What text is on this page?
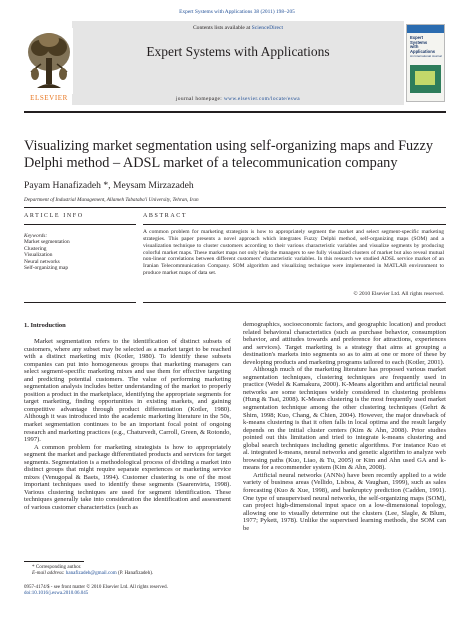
Expert Systems with Applications 38 (2011) 198–205
Contents lists available at ScienceDirect
Expert Systems with Applications
journal homepage: www.elsevier.com/locate/eswa
ELSEVIER
Expert
Systems
with
Applications
An International Journal
Visualizing market segmentation using self-organizing maps and Fuzzy Delphi method – ADSL market of a telecommunication company
Payam Hanafizadeh *, Meysam Mirzazadeh
Department of Industrial Management, Allameh Tabataba'i University, Tehran, Iran
ARTICLE INFO	ABSTRACT
Keywords:
Market segmentation
Clustering
Visualization
Neural networks
Self-organizing map
A common problem for marketing strategists is how to appropriately segment the market and select segment-specific marketing strategies. This paper presents a novel approach which integrates Fuzzy Delphi method, self-organizing maps (SOM) and a visualization technique to cluster customers according to their various characteristic variables and visualize segments by producing colorful market maps. These market maps not only help the managers to see fully visualized clusters of market but also reveal mutual non-linear correlations between different customers' characteristic variables. In this research we studied ADSL service market of an Iranian Telecommunication Company. SOM algorithm and visualizing technique were implemented in MATLAB environment to produce market maps of data set.
© 2010 Elsevier Ltd. All rights reserved.
1. Introduction

Market segmentation refers to the identification of distinct subsets of customers, where any subset may be selected as a market target to be reached with a distinct marketing mix (Kotler, 1980). To identify these subsets companies can put into homogeneous groups that marketing managers can select segment-specific marketing mixes and use them for effective targeting and predicting potential customers. The value of performing marketing segmentation analysis includes better understanding of the market to properly position a product in the marketplace, identifying the appropriate segments for target marketing, finding opportunities in existing markets, and gaining competitive advantage through product differentiation (Kotler, 1980). Although it was introduced into the academic marketing literature in the 50s, market segmentation continues to be an important focal point of ongoing research and marketing practices (e.g., Chaturvedi, Carroll, Green, & Rotondo, 1997).

A common problem for marketing strategists is how to appropriately segment the market and package differentiated products and services for target segments. Segmentation is a methodological process of dividing a market into distinct groups that might require separate experiences or marketing service mixes (Venugopal & Baets, 1994). Customer clustering is one of the most important techniques used to identify these segments (Saarenvirta, 1998). Various clustering techniques are used for segment identification. These techniques generally take into consideration the identification and assessment of various customer characteristics (such as

demographics, socioeconomic factors, and geographic location) and product related behavioral characteristics (such as purchase behavior, consumption behavior, and attitudes towards and preference for attractions, experiences and services). Target marketing is a strategy that aims at grouping a destination's markets into segments so as to aim at one or more of these by developing products and marketing programs tailored to each (Kotler, 2001).

Although much of the marketing literature has proposed various market segmentation techniques, clustering techniques are frequently used in practice (Wedel & Kamakura, 2000). K-Means algorithm and artificial neural networks are some techniques widely considered in clustering problems (Hung & Tsai, 2008). K-Means clustering is the most frequently used market segmentation technique among the other clustering techniques (Gehrt & Shim, 1998; Kuo, Chang, & Chien, 2004). However, the major drawback of k-means clustering is that it often falls in local optima and the result largely depends on the initial cluster centers (Kim & Ahn, 2008). Prior studies pointed out this limitation and tried to integrate k-means clustering and global search techniques including genetic algorithms. For instance Kuo et al. integrated k-means, neural networks and genetic algorithm to analyze web browsing paths (Kuo, Liao, & Tu, 2005) or Kim and Ahn used GA and k-means for a recommender system (Kim & Ahn, 2008).

Artificial neural networks (ANNs) have been recently applied to a wide variety of business areas (Vellido, Lisboa, & Vaughan, 1999), such as sales forecasting (Kuo & Xue, 1998), and bankruptcy prediction (Cadden, 1991). One type of unsupervised neural networks, the self-organizing maps (SOM), can project high-dimensional input space on a low-dimensional topology, allowing one to visually determine out the clusters (Lee, Slagle, & Blum, 1977; Pykett, 1978). Unlike the supervised learning methods, the SOM can be

* Corresponding author.
E-mail address: hanafizadeh@gmail.com (P. Hanafizadeh).
0957-4174/$ - see front matter © 2010 Elsevier Ltd. All rights reserved.
doi:10.1016/j.eswa.2010.06.045
